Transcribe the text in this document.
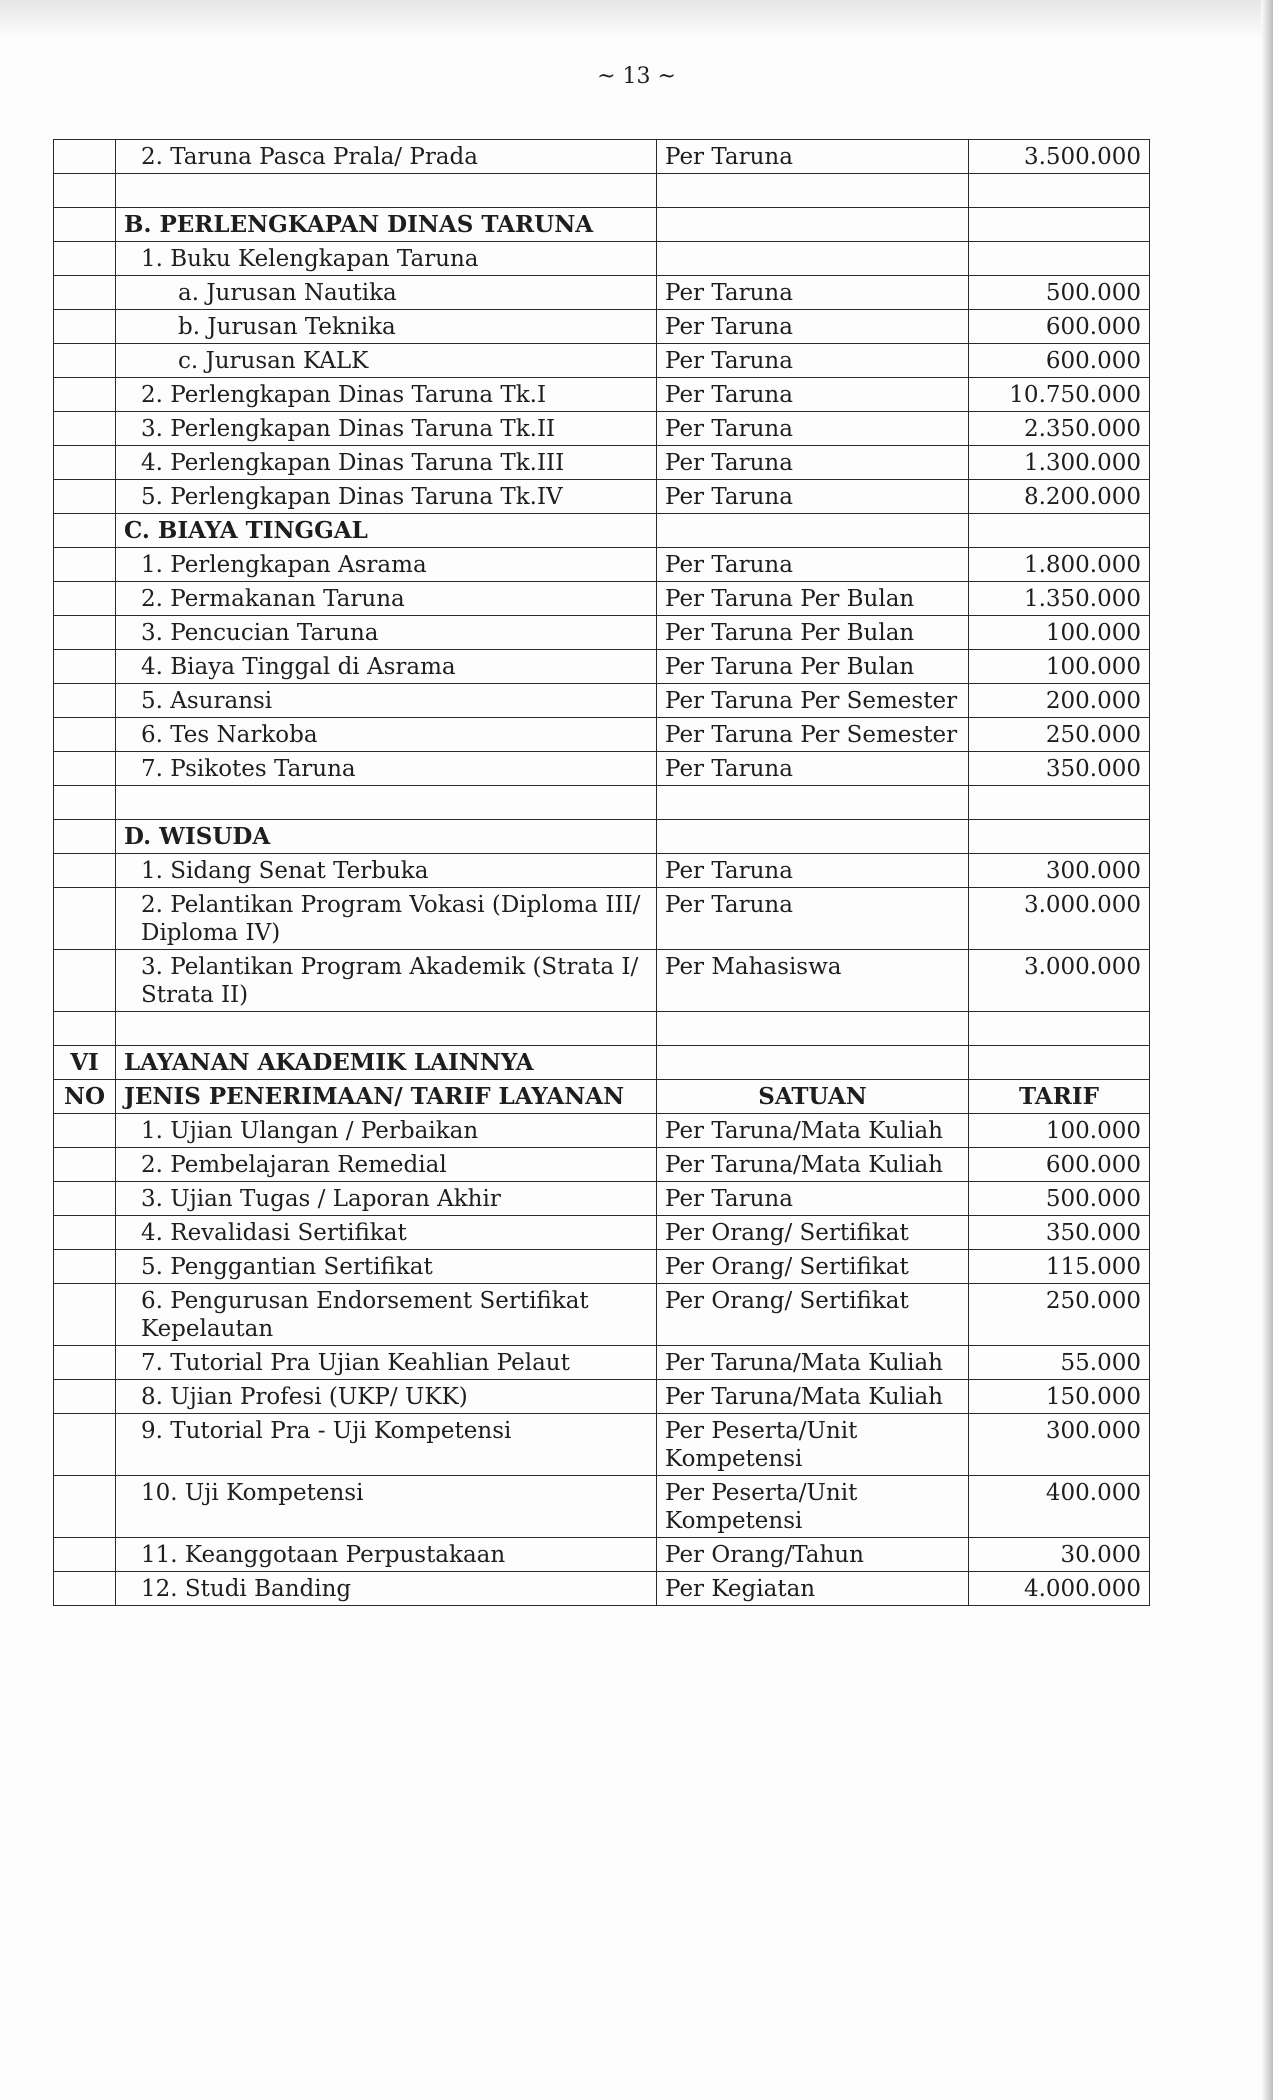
~ 13 ~
	2. Taruna Pasca Prala/ Prada	Per Taruna	3.500.000

	B. PERLENGKAPAN DINAS TARUNA		
	1. Buku Kelengkapan Taruna		
	a. Jurusan Nautika	Per Taruna	500.000
	b. Jurusan Teknika	Per Taruna	600.000
	c. Jurusan KALK	Per Taruna	600.000
	2. Perlengkapan Dinas Taruna Tk.I	Per Taruna	10.750.000
	3. Perlengkapan Dinas Taruna Tk.II	Per Taruna	2.350.000
	4. Perlengkapan Dinas Taruna Tk.III	Per Taruna	1.300.000
	5. Perlengkapan Dinas Taruna Tk.IV	Per Taruna	8.200.000
	C. BIAYA TINGGAL		
	1. Perlengkapan Asrama	Per Taruna	1.800.000
	2. Permakanan Taruna	Per Taruna Per Bulan	1.350.000
	3. Pencucian Taruna	Per Taruna Per Bulan	100.000
	4. Biaya Tinggal di Asrama	Per Taruna Per Bulan	100.000
	5. Asuransi	Per Taruna Per Semester	200.000
	6. Tes Narkoba	Per Taruna Per Semester	250.000
	7. Psikotes Taruna	Per Taruna	350.000

	D. WISUDA		
	1. Sidang Senat Terbuka	Per Taruna	300.000
	2. Pelantikan Program Vokasi (Diploma III/ Diploma IV)	Per Taruna	3.000.000
	3. Pelantikan Program Akademik (Strata I/ Strata II)	Per Mahasiswa	3.000.000

VI	LAYANAN AKADEMIK LAINNYA		
NO	JENIS PENERIMAAN/ TARIF LAYANAN	SATUAN	TARIF
	1. Ujian Ulangan / Perbaikan	Per Taruna/Mata Kuliah	100.000
	2. Pembelajaran Remedial	Per Taruna/Mata Kuliah	600.000
	3. Ujian Tugas / Laporan Akhir	Per Taruna	500.000
	4. Revalidasi Sertifikat	Per Orang/ Sertifikat	350.000
	5. Penggantian Sertifikat	Per Orang/ Sertifikat	115.000
	6. Pengurusan Endorsement Sertifikat Kepelautan	Per Orang/ Sertifikat	250.000
	7. Tutorial Pra Ujian Keahlian Pelaut	Per Taruna/Mata Kuliah	55.000
	8. Ujian Profesi (UKP/ UKK)	Per Taruna/Mata Kuliah	150.000
	9. Tutorial Pra - Uji Kompetensi	Per Peserta/Unit Kompetensi	300.000
	10. Uji Kompetensi	Per Peserta/Unit Kompetensi	400.000
	11. Keanggotaan Perpustakaan	Per Orang/Tahun	30.000
	12. Studi Banding	Per Kegiatan	4.000.000
